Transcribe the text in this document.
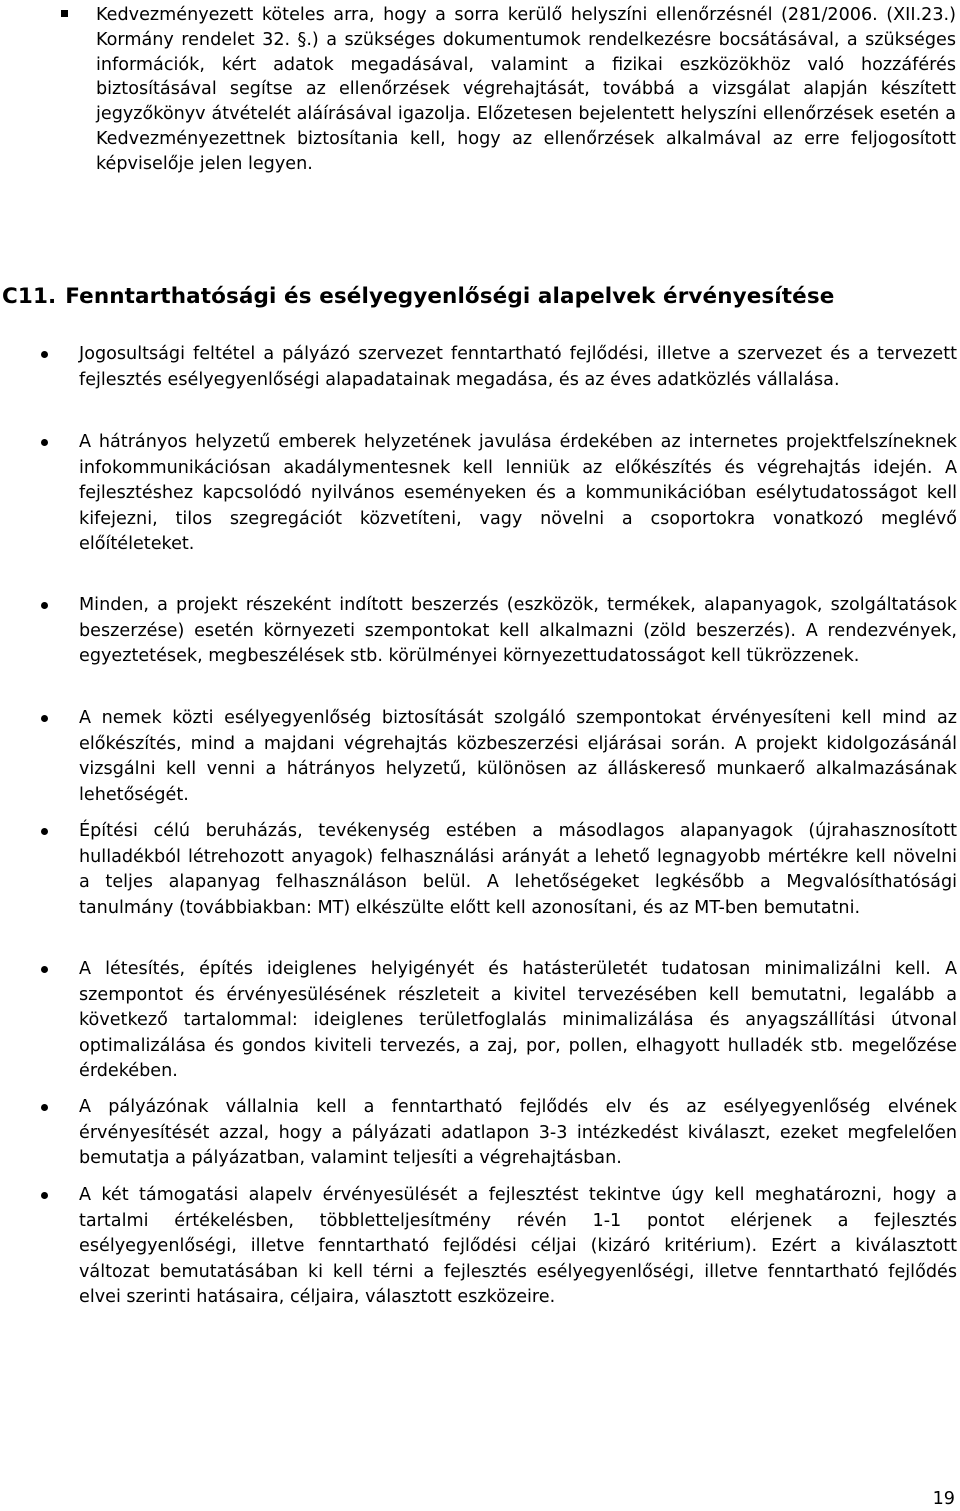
Kedvezményezett köteles arra, hogy a sorra kerülő helyszíni ellenőrzésnél (281/2006. (XII.23.) Kormány rendelet 32. §.) a szükséges dokumentumok rendelkezésre bocsátásával, a szükséges információk, kért adatok megadásával, valamint a fizikai eszközökhöz való hozzáférés biztosításával segítse az ellenőrzések végrehajtását, továbbá a vizsgálat alapján készített jegyzőkönyv átvételét aláírásával igazolja. Előzetesen bejelentett helyszíni ellenőrzések esetén a Kedvezményezettnek biztosítania kell, hogy az ellenőrzések alkalmával az erre feljogosított képviselője jelen legyen.
C11. Fenntarthatósági és esélyegyenlőségi alapelvek érvényesítése
Jogosultsági feltétel a pályázó szervezet fenntartható fejlődési, illetve a szervezet és a tervezett fejlesztés esélyegyenlőségi alapadatainak megadása, és az éves adatközlés vállalása.
A hátrányos helyzetű emberek helyzetének javulása érdekében az internetes projektfelszíneknek infokommunikációsan akadálymentesnek kell lenniük az előkészítés és végrehajtás idején. A fejlesztéshez kapcsolódó nyilvános eseményeken és a kommunikációban esélytudatosságot kell kifejezni, tilos szegregációt közvetíteni, vagy növelni a csoportokra vonatkozó meglévő előítéleteket.
Minden, a projekt részeként indított beszerzés (eszközök, termékek, alapanyagok, szolgáltatások beszerzése) esetén környezeti szempontokat kell alkalmazni (zöld beszerzés). A rendezvények, egyeztetések, megbeszélések stb. körülményei környezettudatosságot kell tükrözzenek.
A nemek közti esélyegyenlőség biztosítását szolgáló szempontokat érvényesíteni kell mind az előkészítés, mind a majdani végrehajtás közbeszerzési eljárásai során. A projekt kidolgozásánál vizsgálni kell venni a hátrányos helyzetű, különösen az álláskereső munkaerő alkalmazásának lehetőségét.
Építési célú beruházás, tevékenység estében a másodlagos alapanyagok (újrahasznosított hulladékból létrehozott anyagok) felhasználási arányát a lehető legnagyobb mértékre kell növelni a teljes alapanyag felhasználáson belül. A lehetőségeket legkésőbb a Megvalósíthatósági tanulmány (továbbiakban: MT) elkészülte előtt kell azonosítani, és az MT-ben bemutatni.
A létesítés, építés ideiglenes helyigényét és hatásterületét tudatosan minimalizálni kell. A szempontot és érvényesülésének részleteit a kivitel tervezésében kell bemutatni, legalább a következő tartalommal: ideiglenes területfoglalás minimalizálása és anyagszállítási útvonal optimalizálása és gondos kiviteli tervezés, a zaj, por, pollen, elhagyott hulladék stb. megelőzése érdekében.
A pályázónak vállalnia kell a fenntartható fejlődés elv és az esélyegyenlőség elvének érvényesítését azzal, hogy a pályázati adatlapon 3-3 intézkedést kiválaszt, ezeket megfelelően bemutatja a pályázatban, valamint teljesíti a végrehajtásban.
A két támogatási alapelv érvényesülését a fejlesztést tekintve úgy kell meghatározni, hogy a tartalmi értékelésben, többletteljesítmény révén 1-1 pontot elérjenek a fejlesztés esélyegyenlőségi, illetve fenntartható fejlődési céljai (kizáró kritérium). Ezért a kiválasztott változat bemutatásában ki kell térni a fejlesztés esélyegyenlőségi, illetve fenntartható fejlődés elvei szerinti hatásaira, céljaira, választott eszközeire.
19
